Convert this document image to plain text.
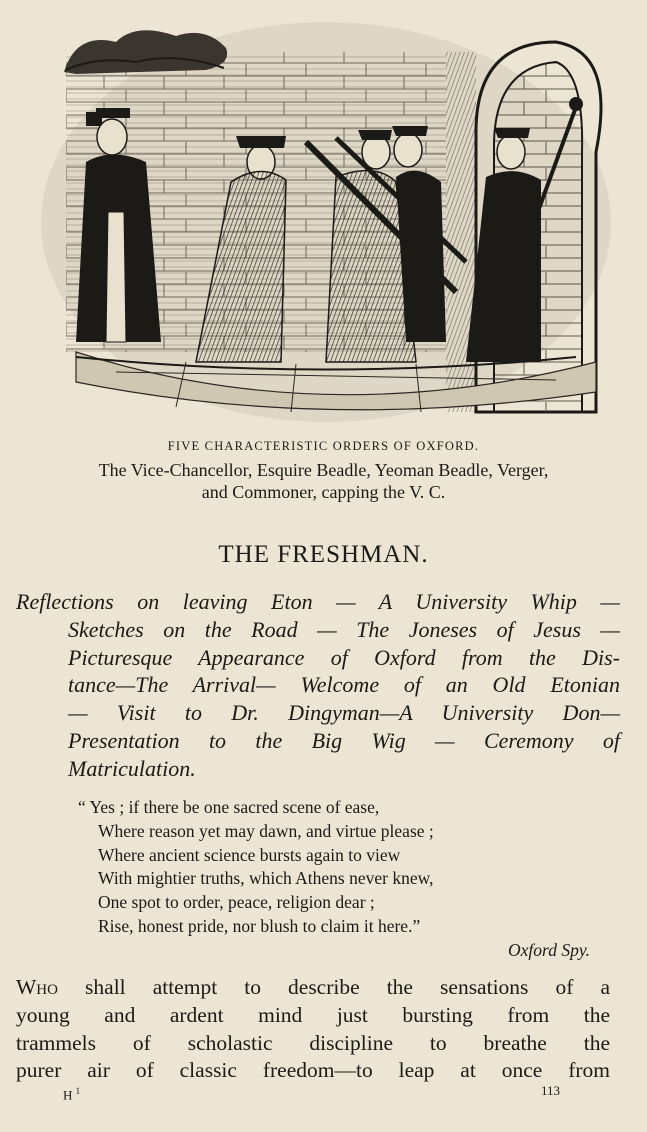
FIVE CHARACTERISTIC ORDERS OF OXFORD.
The Vice-Chancellor, Esquire Beadle, Yeoman Beadle, Verger,
and Commoner, capping the V. C.
THE FRESHMAN.
Reflections on leaving Eton — A University Whip —
Sketches on the Road — The Joneses of Jesus —
Picturesque Appearance of Oxford from the Dis-
tance—The Arrival— Welcome of an Old Etonian
— Visit to Dr. Dingyman—A University Don—
Presentation to the Big Wig — Ceremony of
Matriculation.
“ Yes ; if there be one sacred scene of ease,
Where reason yet may dawn, and virtue please ;
Where ancient science bursts again to view
With mightier truths, which Athens never knew,
One spot to order, peace, religion dear ;
Rise, honest pride, nor blush to claim it here.”
Oxford Spy.
Who shall attempt to describe the sensations of a
young and ardent mind just bursting from the
trammels of scholastic discipline to breathe the
purer air of classic freedom—to leap at once from
H $^1$	113
